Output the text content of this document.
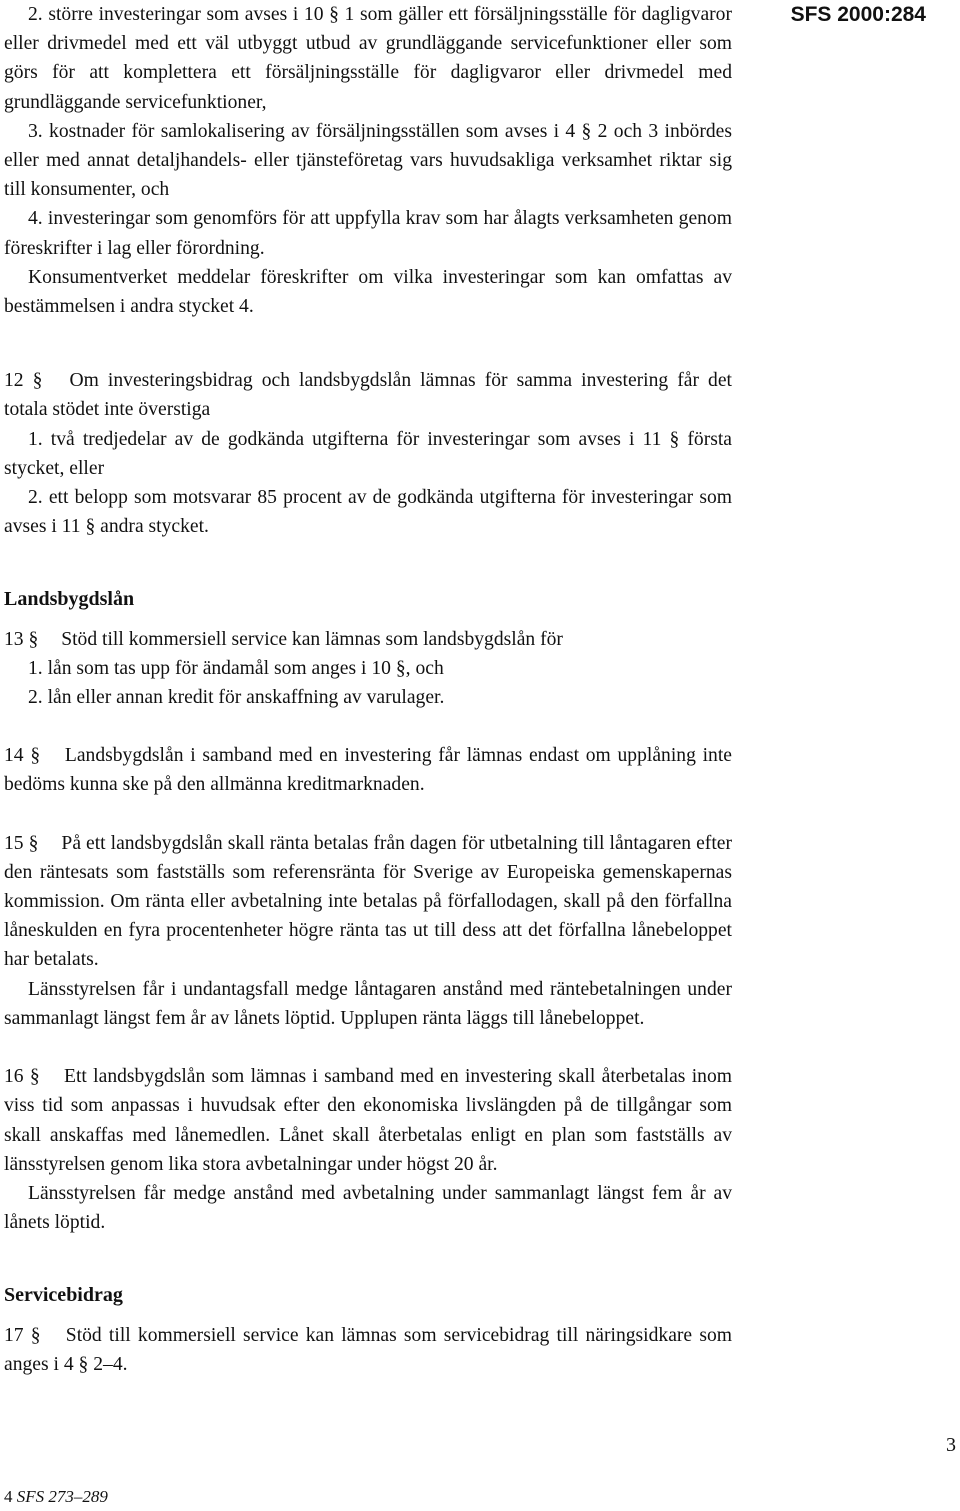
2. större investeringar som avses i 10 § 1 som gäller ett försäljningsställe för dagligvaror eller drivmedel med ett väl utbyggt utbud av grundläggande servicefunktioner eller som görs för att komplettera ett försäljningsställe för dagligvaror eller drivmedel med grundläggande servicefunktioner,

3. kostnader för samlokalisering av försäljningsställen som avses i 4 § 2 och 3 inbördes eller med annat detaljhandels- eller tjänsteföretag vars huvudsakliga verksamhet riktar sig till konsumenter, och

4. investeringar som genomförs för att uppfylla krav som har ålagts verksamheten genom föreskrifter i lag eller förordning.

Konsumentverket meddelar föreskrifter om vilka investeringar som kan omfattas av bestämmelsen i andra stycket 4.

12 § Om investeringsbidrag och landsbygdslån lämnas för samma investering får det totala stödet inte överstiga

1. två tredjedelar av de godkända utgifterna för investeringar som avses i 11 § första stycket, eller

2. ett belopp som motsvarar 85 procent av de godkända utgifterna för investeringar som avses i 11 § andra stycket.

Landsbygdslån

13 § Stöd till kommersiell service kan lämnas som landsbygdslån för

1. lån som tas upp för ändamål som anges i 10 §, och

2. lån eller annan kredit för anskaffning av varulager.

14 § Landsbygdslån i samband med en investering får lämnas endast om upplåning inte bedöms kunna ske på den allmänna kreditmarknaden.

15 § På ett landsbygdslån skall ränta betalas från dagen för utbetalning till låntagaren efter den räntesats som fastställs som referensränta för Sverige av Europeiska gemenskapernas kommission. Om ränta eller avbetalning inte betalas på förfallodagen, skall på den förfallna låneskulden en fyra procentenheter högre ränta tas ut till dess att det förfallna lånebeloppet har betalats.

Länsstyrelsen får i undantagsfall medge låntagaren anstånd med räntebetalningen under sammanlagt längst fem år av lånets löptid. Upplupen ränta läggs till lånebeloppet.

16 § Ett landsbygdslån som lämnas i samband med en investering skall återbetalas inom viss tid som anpassas i huvudsak efter den ekonomiska livslängden på de tillgångar som skall anskaffas med lånemedlen. Lånet skall återbetalas enligt en plan som fastställs av länsstyrelsen genom lika stora avbetalningar under högst 20 år.

Länsstyrelsen får medge anstånd med avbetalning under sammanlagt längst fem år av lånets löptid.

Servicebidrag

17 § Stöd till kommersiell service kan lämnas som servicebidrag till näringsidkare som anges i 4 § 2–4.

SFS 2000:284
3
4 SFS 273–289
